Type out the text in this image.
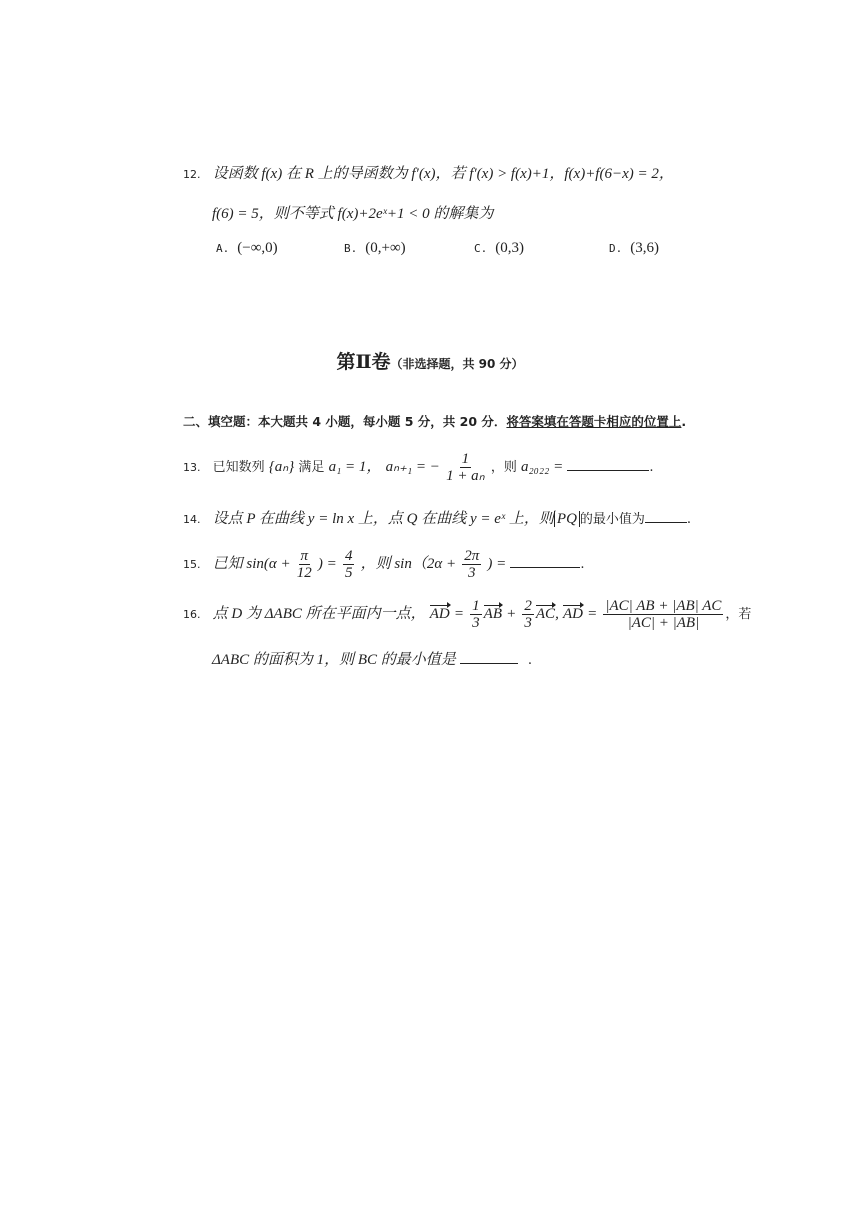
12. 设函数 f(x) 在 R 上的导函数为 f′(x)，若 f′(x) > f(x)+1，f(x)+f(6−x) = 2，
f(6) = 5，则不等式 f(x)+2eˣ+1 < 0 的解集为
A. (−∞,0)	B. (0,+∞)	C. (0,3)	D. (3,6)
第Ⅱ卷（非选择题，共 90 分）
二、填空题：本大题共 4 小题，每小题 5 分，共 20 分．将答案填在答题卡相应的位置上.
13. 已知数列 {aₙ} 满足 a₁ = 1， aₙ₊₁ = − $\frac{1}{\text{1 + aₙ}}$ ，则 a₂₀₂₂ =	.
14. 设点 P 在曲线 y = ln x 上，点 Q 在曲线 y = eˣ 上，则 PQ 的最小值为	.
15. 已知 $\sin(\alpha + \frac{\pi}{12}$ ) = $\frac{4}{5}$ ，则 $\sin(2\alpha + \frac{2\pi}{3}$ ) =	.
16. 点 D 为 ΔABC 所在平面内一点， AD = $\frac{1}{3}$ AB + $\frac{2}{3}$ AC, AD = $\frac{|AC| AB + |AB| AC}{|AC| + |AB|}$ ，若
ΔABC 的面积为 1，则 BC 的最小值是	.
